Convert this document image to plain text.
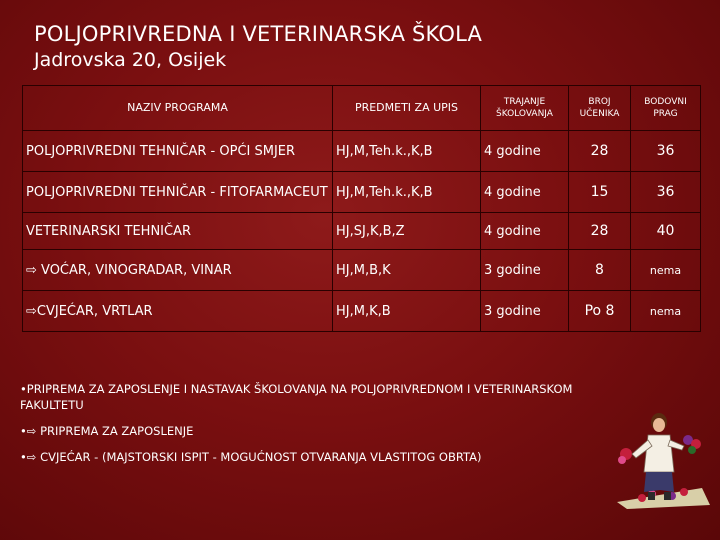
POLJOPRIVREDNA I VETERINARSKA ŠKOLA
Jadrovska 20, Osijek
NAZIV PROGRAMA	PREDMETI ZA UPIS	TRAJANJE ŠKOLOVANJA	BROJ UČENIKA	BODOVNI PRAG
POLJOPRIVREDNI TEHNIČAR - OPĆI SMJER	HJ,M,Teh.k.,K,B	4 godine	28	36
POLJOPRIVREDNI TEHNIČAR - FITOFARMACEUT	HJ,M,Teh.k.,K,B	4 godine	15	36
VETERINARSKI TEHNIČAR	HJ,SJ,K,B,Z	4 godine	28	40
⇨ VOĆAR, VINOGRADAR, VINAR	HJ,M,B,K	3 godine	8	nema
⇨CVJEĆAR, VRTLAR	HJ,M,K,B	3 godine	Po 8	nema
•PRIPREMA ZA ZAPOSLENJE I NASTAVAK ŠKOLOVANJA NA POLJOPRIVREDNOM I VETERINARSKOM FAKULTETU
•⇨ PRIPREMA ZA ZAPOSLENJE
•⇨ CVJEĆAR - (MAJSTORSKI ISPIT - MOGUĆNOST OTVARANJA VLASTITOG OBRTA)
